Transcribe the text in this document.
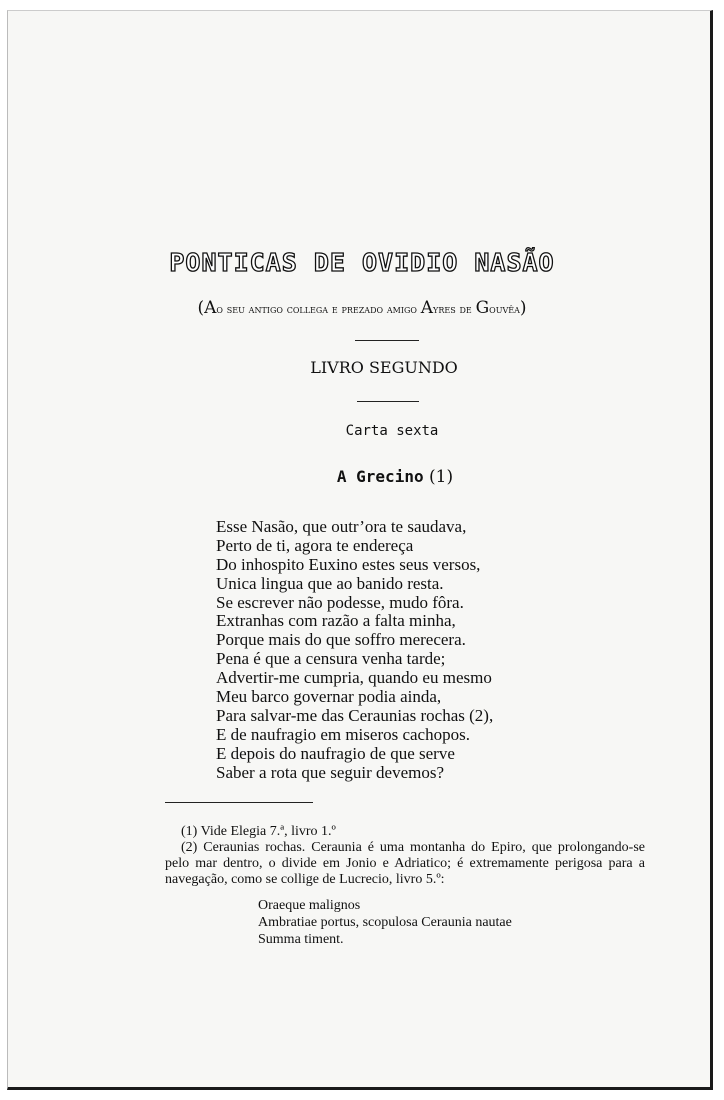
PONTICAS DE OVIDIO NASÃO
(Ao seu antigo collega e prezado amigo Ayres de Gouvêa)
LIVRO SEGUNDO
Carta sexta
A Grecino (1)
Esse Nasão, que outr’ora te saudava,
Perto de ti, agora te endereça
Do inhospito Euxino estes seus versos,
Unica lingua que ao banido resta.
Se escrever não podesse, mudo fôra.
Extranhas com razão a falta minha,
Porque mais do que soffro merecera.
Pena é que a censura venha tarde;
Advertir-me cumpria, quando eu mesmo
Meu barco governar podia ainda,
Para salvar-me das Ceraunias rochas (2),
E de naufragio em miseros cachopos.
E depois do naufragio de que serve
Saber a rota que seguir devemos?
(1) Vide Elegia 7.ª, livro 1.º
(2) Ceraunias rochas. Ceraunia é uma montanha do Epiro, que prolongando-se pelo mar dentro, o divide em Jonio e Adriatico; é extremamente perigosa para a navegação, como se collige de Lucrecio, livro 5.º:
Oraeque malignos
Ambratiae portus, scopulosa Ceraunia nautae
Summa timent.
